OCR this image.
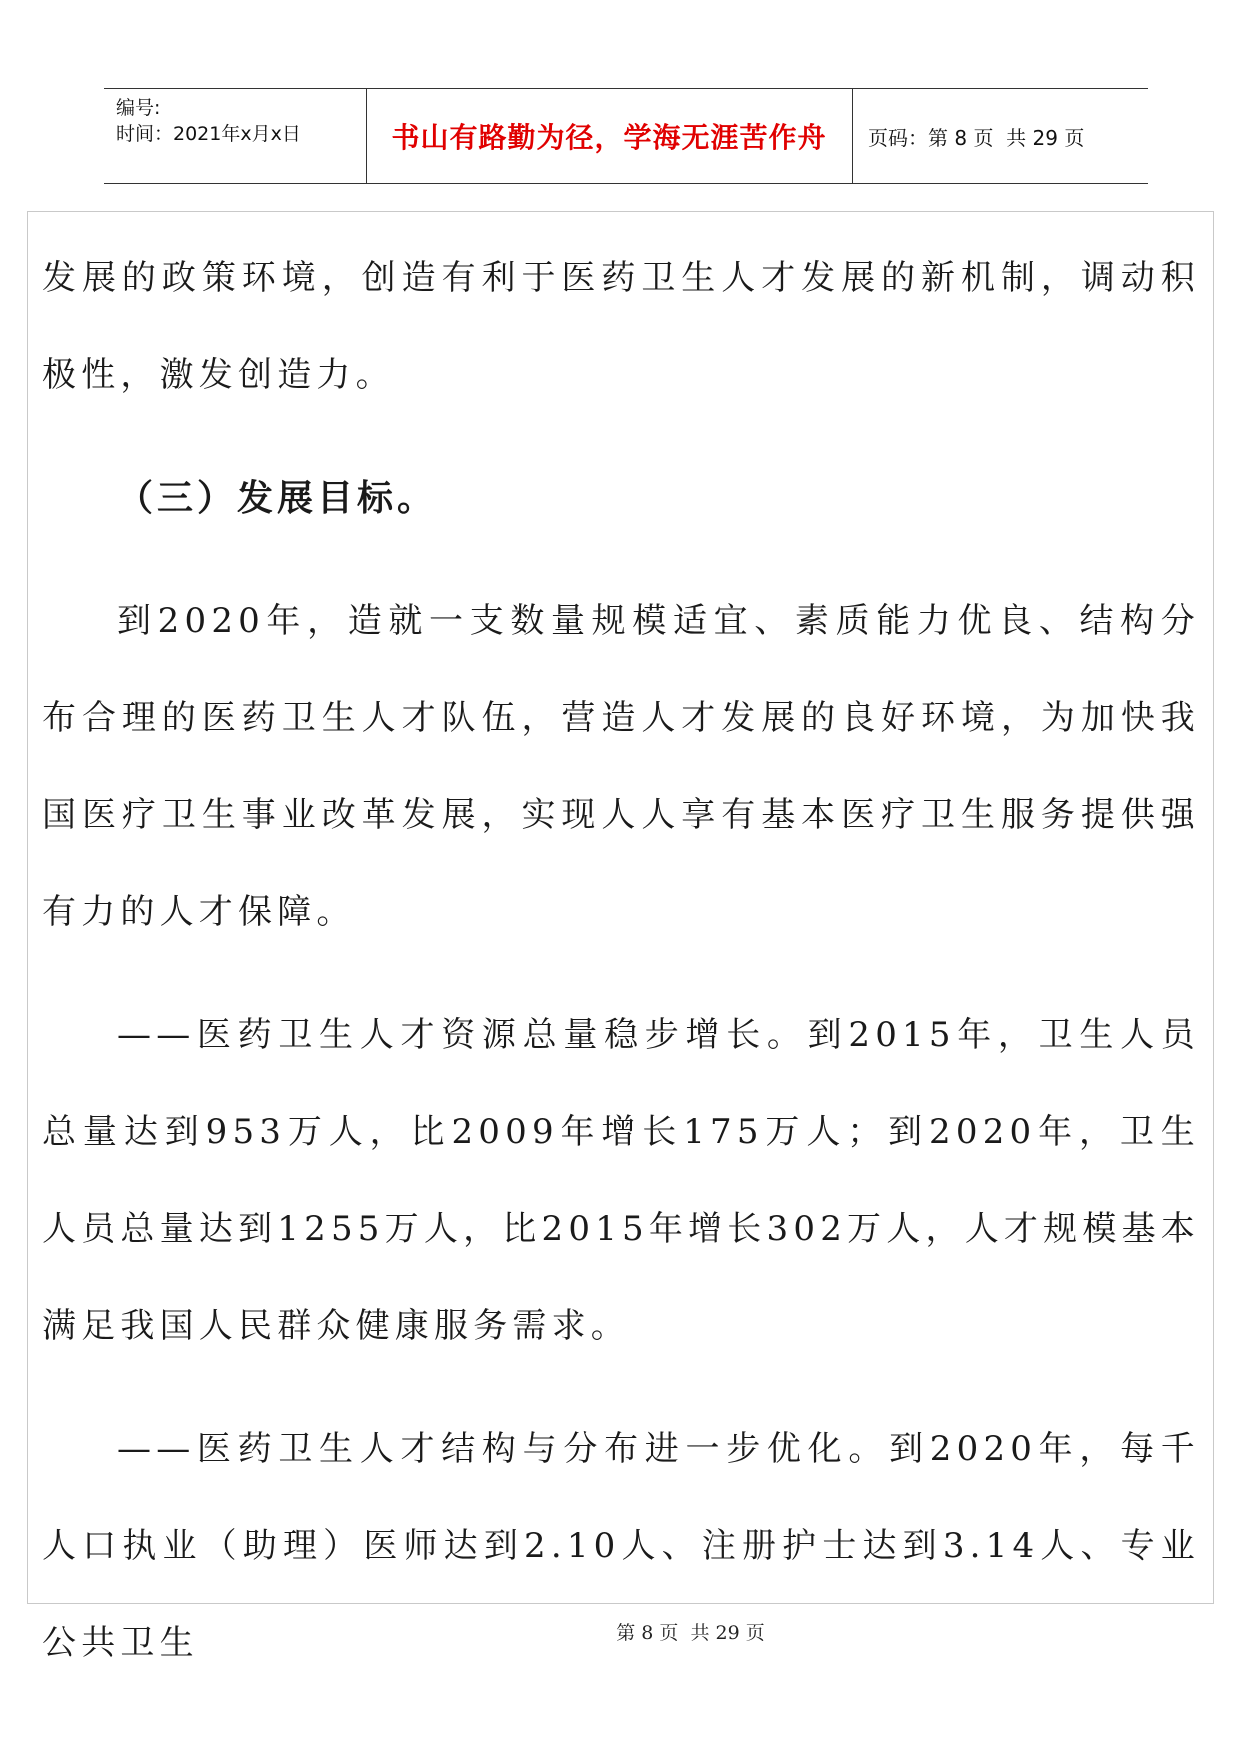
编号:
时间：2021年x月x日	书山有路勤为径，学海无涯苦作舟	页码：第 8 页  共 29 页

发展的政策环境，创造有利于医药卫生人才发展的新机制，调动积极性，激发创造力。

（三）发展目标。

到2020年，造就一支数量规模适宜、素质能力优良、结构分布合理的医药卫生人才队伍，营造人才发展的良好环境，为加快我国医疗卫生事业改革发展，实现人人享有基本医疗卫生服务提供强有力的人才保障。

——医药卫生人才资源总量稳步增长。到2015年，卫生人员总量达到953万人，比2009年增长175万人；到2020年，卫生人员总量达到1255万人，比2015年增长302万人，人才规模基本满足我国人民群众健康服务需求。

——医药卫生人才结构与分布进一步优化。到2020年，每千人口执业（助理）医师达到2.10人、注册护士达到3.14人、专业公共卫生	第 8 页  共 29 页
